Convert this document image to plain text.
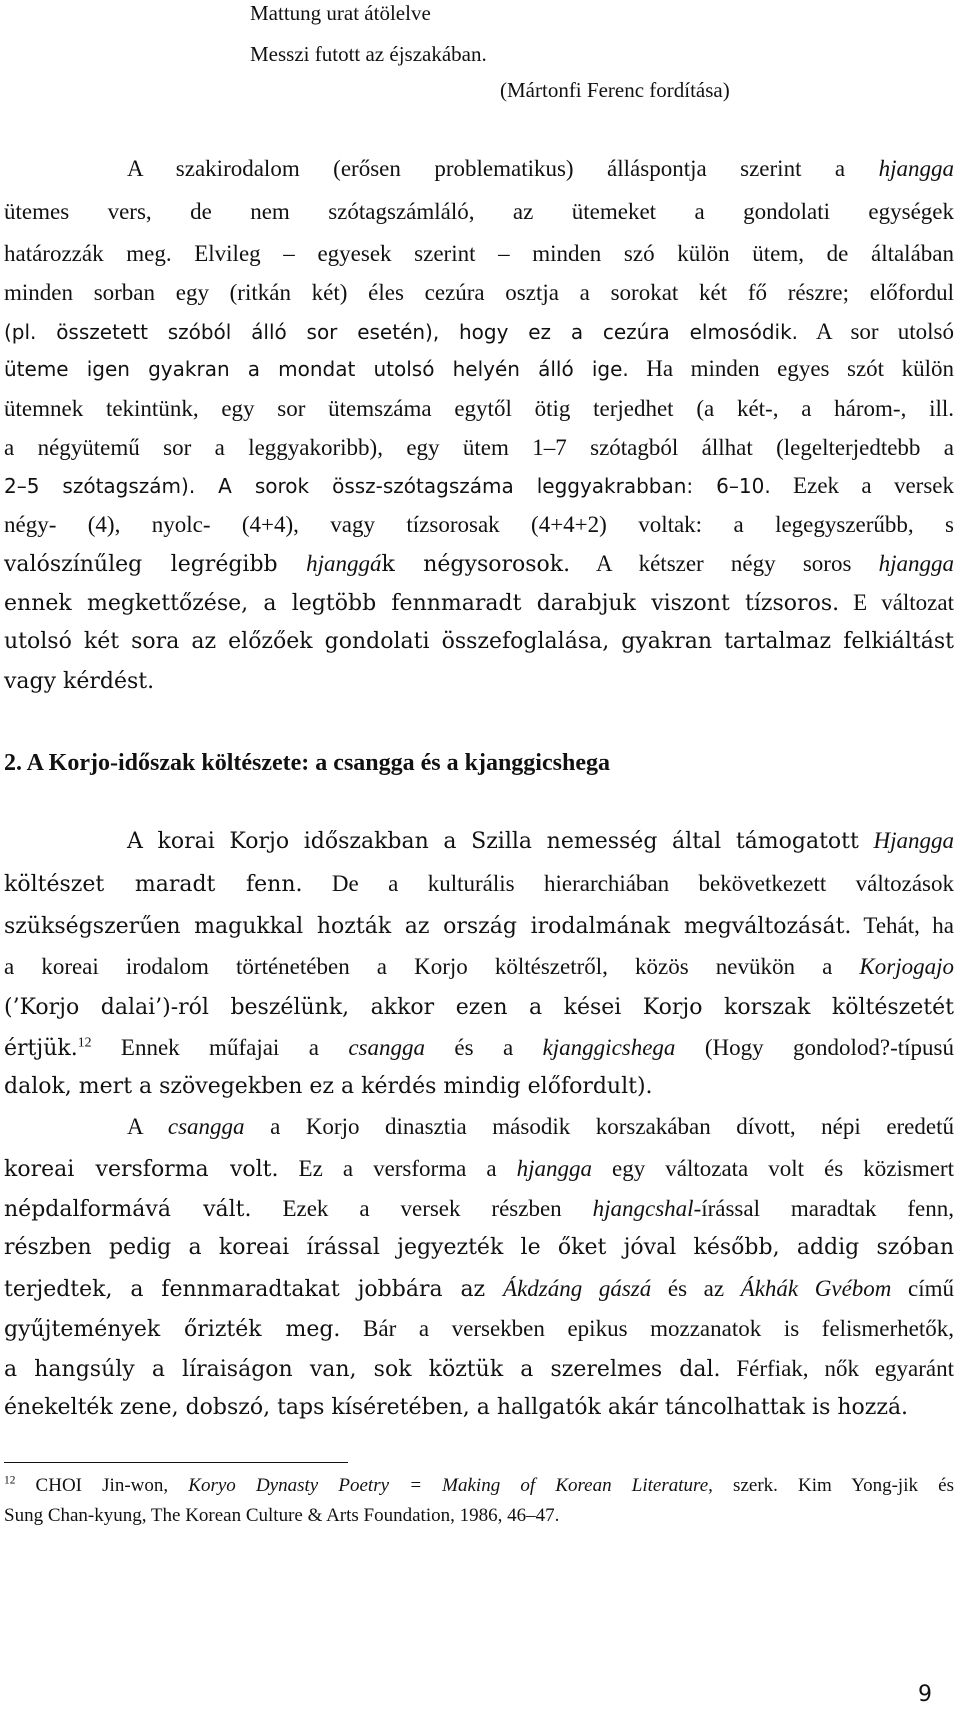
Mattung urat átölelve
Messzi futott az éjszakában.
(Mártonfi Ferenc fordítása)
A szakirodalom (erősen problematikus) álláspontja szerint a hjangga
ütemes vers, de nem szótagszámláló, az ütemeket a gondolati egységek
határozzák meg. Elvileg – egyesek szerint – minden szó külön ütem, de általában
minden sorban egy (ritkán két) éles cezúra osztja a sorokat két fő részre; előfordul
(pl. összetett szóból álló sor esetén), hogy ez a cezúra elmosódik. A sor utolsó
üteme igen gyakran a mondat utolsó helyén álló ige. Ha minden egyes szót külön
ütemnek tekintünk, egy sor ütemszáma egytől ötig terjedhet (a két-, a három-, ill.
a négyütemű sor a leggyakoribb), egy ütem 1–7 szótagból állhat (legelterjedtebb a
2–5 szótagszám). A sorok össz-szótagszáma leggyakrabban: 6–10. Ezek a versek
négy- (4), nyolc- (4+4), vagy tízsorosak (4+4+2) voltak: a legegyszerűbb, s
valószínűleg legrégibb hjanggák négysorosok. A kétszer négy soros hjangga
ennek megkettőzése, a legtöbb fennmaradt darabjuk viszont tízsoros. E változat
utolsó két sora az előzőek gondolati összefoglalása, gyakran tartalmaz felkiáltást
vagy kérdést.
2. A Korjo-időszak költészete: a csangga és a kjanggicshega
A korai Korjo időszakban a Szilla nemesség által támogatott Hjangga
költészet maradt fenn. De a kulturális hierarchiában bekövetkezett változások
szükségszerűen magukkal hozták az ország irodalmának megváltozását. Tehát, ha
a koreai irodalom történetében a Korjo költészetről, közös nevükön a Korjogajo
(’Korjo dalai’)-ról beszélünk, akkor ezen a kései Korjo korszak költészetét
értjük.$^{12}$ Ennek műfajai a csangga és a kjanggicshega (Hogy gondolod?-típusú
dalok, mert a szövegekben ez a kérdés mindig előfordult).
A csangga a Korjo dinasztia második korszakában dívott, népi eredetű
koreai versforma volt. Ez a versforma a hjangga egy változata volt és közismert
népdalformává vált. Ezek a versek részben hjangcshal-írással maradtak fenn,
részben pedig a koreai írással jegyezték le őket jóval később, addig szóban
terjedtek, a fennmaradtakat jobbára az Ákdzáng gászá és az Ákhák Gvébom című
gyűjtemények őrizték meg. Bár a versekben epikus mozzanatok is felismerhetők,
a hangsúly a líraiságon van, sok köztük a szerelmes dal. Férfiak, nők egyaránt
énekelték zene, dobszó, taps kíséretében, a hallgatók akár táncolhattak is hozzá.
$^{12}$ CHOI Jin-won, Koryo Dynasty Poetry = Making of Korean Literature, szerk. Kim Yong-jik és
Sung Chan-kyung, The Korean Culture & Arts Foundation, 1986, 46–47.
9
